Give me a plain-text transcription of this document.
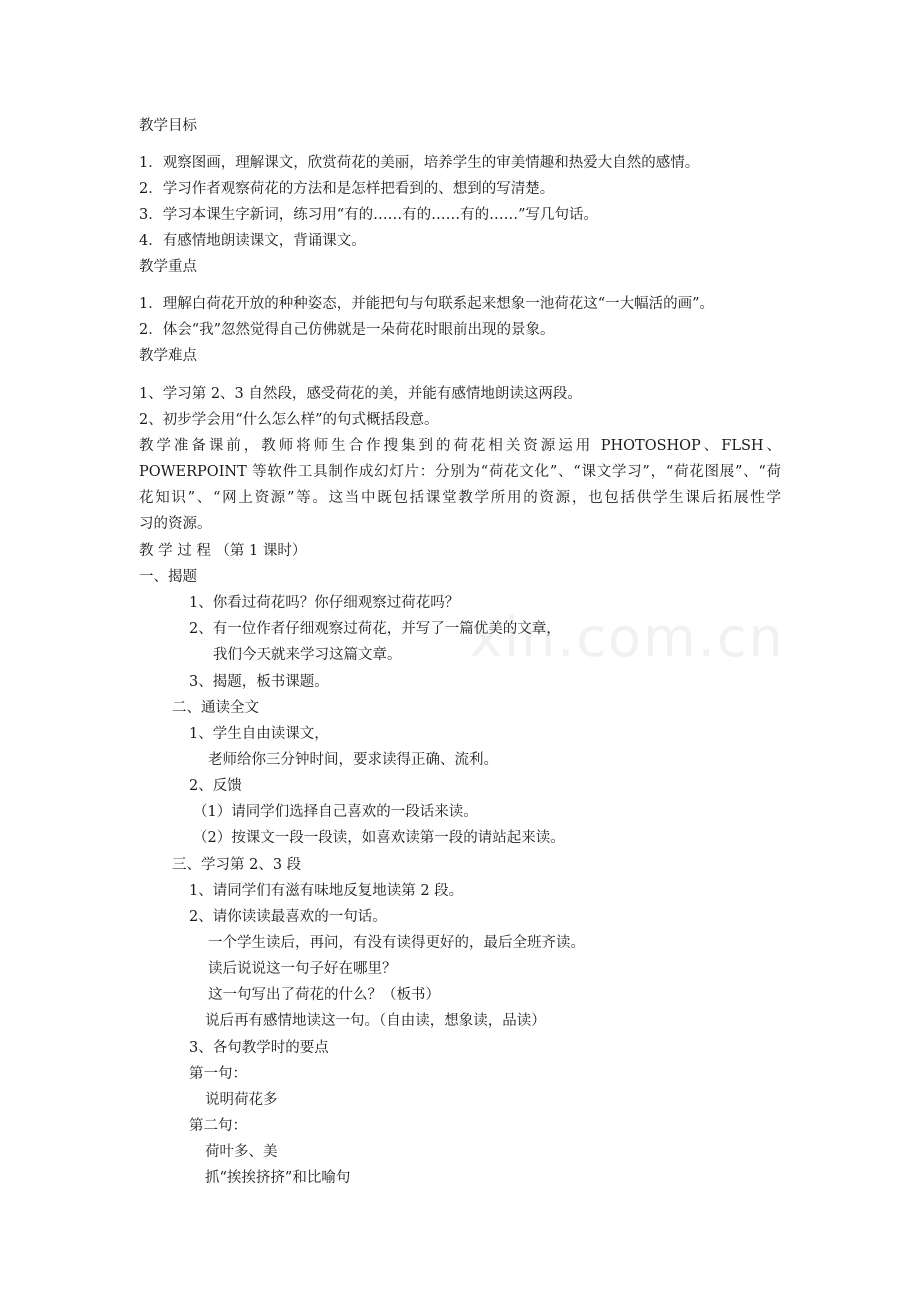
xin.com.cn
教学目标
1．观察图画，理解课文，欣赏荷花的美丽，培养学生的审美情趣和热爱大自然的感情。
2．学习作者观察荷花的方法和是怎样把看到的、想到的写清楚。
3．学习本课生字新词，练习用“有的……有的……有的……”写几句话。
4．有感情地朗读课文，背诵课文。
教学重点
1．理解白荷花开放的种种姿态，并能把句与句联系起来想象一池荷花这“一大幅活的画”。
2．体会“我”忽然觉得自己仿佛就是一朵荷花时眼前出现的景象。
教学难点
1、学习第 2、3 自然段，感受荷花的美，并能有感情地朗读这两段。
2、初步学会用“什么怎么样”的句式概括段意。
教学准备课前，教师将师生合作搜集到的荷花相关资源运用 PHOTOSHOP、FLSH、
POWERPOINT 等软件工具制作成幻灯片：分别为“荷花文化”、“课文学习”，“荷花图展”、“荷
花知识”、“网上资源”等。这当中既包括课堂教学所用的资源，也包括供学生课后拓展性学
习的资源。
教 学 过 程 （第 1 课时）
一、揭题
1、你看过荷花吗？你仔细观察过荷花吗？
2、有一位作者仔细观察过荷花，并写了一篇优美的文章，
我们今天就来学习这篇文章。
3、揭题，板书课题。
二、通读全文
1、学生自由读课文，
老师给你三分钟时间，要求读得正确、流利。
2、反馈
（1）请同学们选择自己喜欢的一段话来读。
（2）按课文一段一段读，如喜欢读第一段的请站起来读。
三、学习第 2、3 段
1、请同学们有滋有味地反复地读第 2 段。
2、请你读读最喜欢的一句话。
一个学生读后，再问，有没有读得更好的，最后全班齐读。
读后说说这一句子好在哪里？
这一句写出了荷花的什么？（板书）
说后再有感情地读这一句。（自由读，想象读，品读）
3、各句教学时的要点
第一句：
说明荷花多
第二句：
荷叶多、美
抓“挨挨挤挤”和比喻句
